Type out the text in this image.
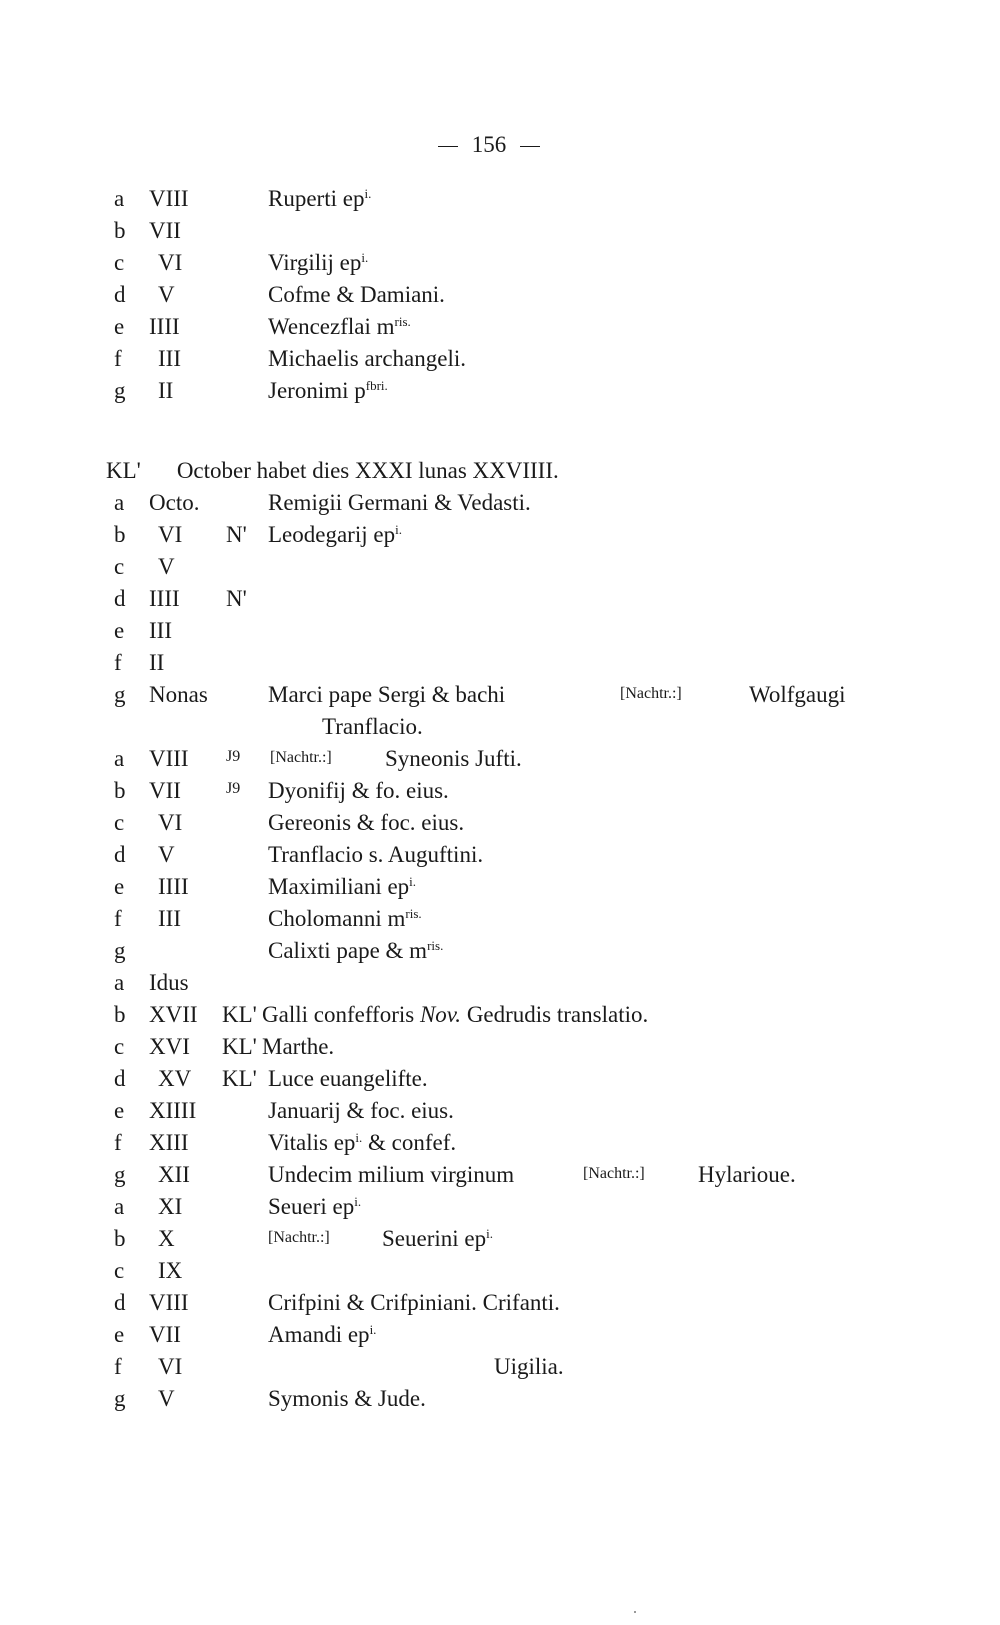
156
a VIII	Ruperti $ep^{i.}$
b VII
c VI	Virgilij $ep^{i.}$
d V	Cofme & Damiani.
e IIII	Wencezflai $m^{ris.}$
f III	Michaelis archangeli.
g II	Jeronimi $p^{fbri.}$
KL' October habet dies XXXI lunas XXVIIII.
a Octo.	Remigii Germani & Vedasti.
b VI N' Leodegarij $ep^{i.}$
c V
d IIII N'
e III
f II
g Nonas	Marci pape Sergi & bachi	[Nachtr.:]	Wolfgaugi
Tranflacio.
a VIII J9 [Nachtr.:] Syneonis Jufti.
b VII	J9 Dyonifij & fo. eius.
c VI	Gereonis & foc. eius.
d V	Tranflacio s. Auguftini.
e IIII	Maximiliani $ep^{i.}$
f III	Cholomanni $m^{ris.}$
g	Calixti pape & $m^{ris.}$
a Idus
b XVII KL' Galli confefforis Nov. Gedrudis translatio.
c XVI KL' Marthe.
d XV KL' Luce euangelifte.
e XIIII	Januarij & foc. eius.
f XIII	Vitalis $ep^{i.}$ & confef.
g XII	Undecim milium virginum	[Nachtr.:] Hylarioue.
a XI	Seueri $ep^{i.}$
b X	[Nachtr.:] Seuerini $ep^{i.}$
c IX
d VIII	Crifpini & Crifpiniani. Crifanti.
e VII	Amandi $ep^{i.}$
f VI	Uigilia.
g V	Symonis & Jude.
